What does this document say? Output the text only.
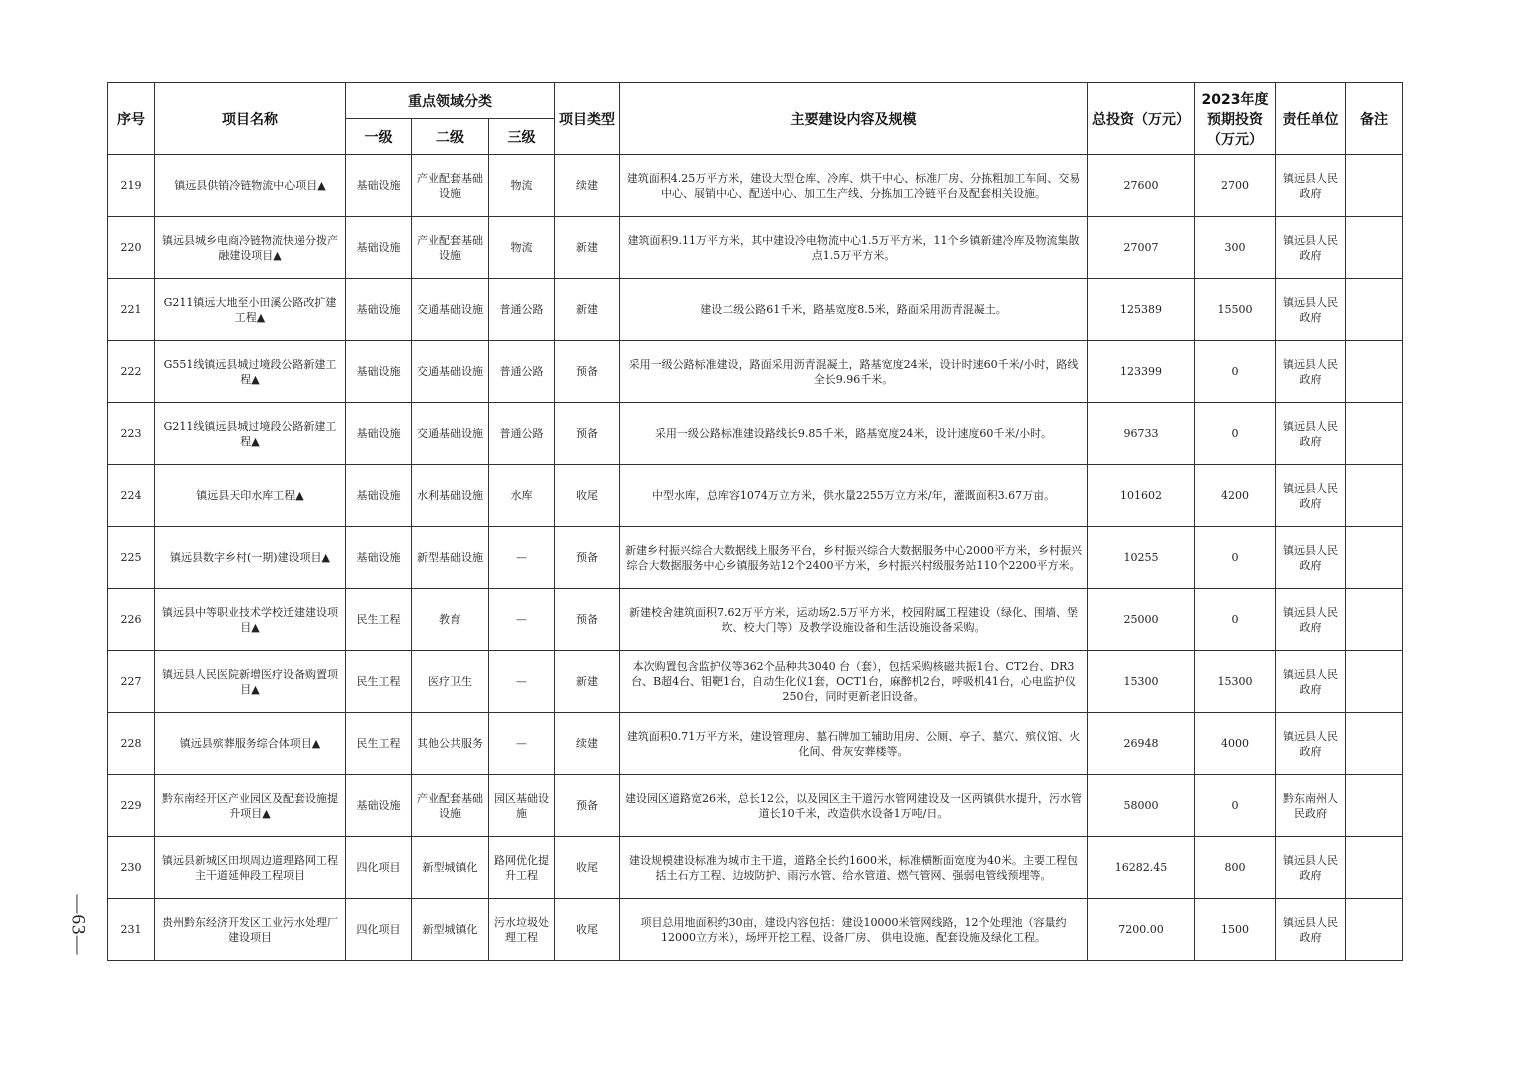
—63—
序号	项目名称	重点领域分类			项目类型	主要建设内容及规模	总投资（万元）	2023年度预期投资（万元）	责任单位	备注
		一级	二级	三级						
219	镇远县供销冷链物流中心项目▲	基础设施	产业配套基础设施	物流	续建	建筑面积4.25万平方米，建设大型仓库、冷库、烘干中心、标准厂房、分拣粗加工车间、交易中心、展销中心、配送中心、加工生产线、分拣加工冷链平台及配套相关设施。	27600	2700	镇远县人民政府	
220	镇远县城乡电商冷链物流快递分拨产融建设项目▲	基础设施	产业配套基础设施	物流	新建	建筑面积9.11万平方米，其中建设冷电物流中心1.5万平方米，11个乡镇新建冷库及物流集散点1.5万平方米。	27007	300	镇远县人民政府	
221	G211镇远大地至小田溪公路改扩建工程▲	基础设施	交通基础设施	普通公路	新建	建设二级公路61千米，路基宽度8.5米，路面采用沥青混凝土。	125389	15500	镇远县人民政府	
222	G551线镇远县城过境段公路新建工程▲	基础设施	交通基础设施	普通公路	预备	采用一级公路标准建设，路面采用沥青混凝土，路基宽度24米，设计时速60千米/小时，路线全长9.96千米。	123399	0	镇远县人民政府	
223	G211线镇远县城过境段公路新建工程▲	基础设施	交通基础设施	普通公路	预备	采用一级公路标准建设路线长9.85千米，路基宽度24米，设计速度60千米/小时。	96733	0	镇远县人民政府	
224	镇远县天印水库工程▲	基础设施	水利基础设施	水库	收尾	中型水库，总库容1074万立方米，供水量2255万立方米/年，灌溉面积3.67万亩。	101602	4200	镇远县人民政府	
225	镇远县数字乡村(一期)建设项目▲	基础设施	新型基础设施	—	预备	新建乡村振兴综合大数据线上服务平台，乡村振兴综合大数据服务中心2000平方米，乡村振兴综合大数据服务中心乡镇服务站12个2400平方米，乡村振兴村级服务站110个2200平方米。	10255	0	镇远县人民政府	
226	镇远县中等职业技术学校迁建建设项目▲	民生工程	教育	—	预备	新建校舍建筑面积7.62万平方米，运动场2.5万平方米，校园附属工程建设（绿化、围墙、堡坎、校大门等）及教学设施设备和生活设施设备采购。	25000	0	镇远县人民政府	
227	镇远县人民医院新增医疗设备购置项目▲	民生工程	医疗卫生	—	新建	本次购置包含监护仪等362个品种共3040 台（套），包括采购核磁共振1台、CT2台、DR3台、B超4台、钼靶1台，自动生化仪1套，OCT1台，麻醉机2台，呼吸机41台，心电监护仪250台，同时更新老旧设备。	15300	15300	镇远县人民政府	
228	镇远县殡葬服务综合体项目▲	民生工程	其他公共服务	—	续建	建筑面积0.71万平方米，建设管理房、墓石牌加工辅助用房、公厕、亭子、墓穴、殡仪馆、火化间、骨灰安葬楼等。	26948	4000	镇远县人民政府	
229	黔东南经开区产业园区及配套设施提升项目▲	基础设施	产业配套基础设施	园区基础设施	预备	建设园区道路宽26米，总长12公，以及园区主干道污水管网建设及一区两镇供水提升，污水管道长10千米，改造供水设备1万吨/日。	58000	0	黔东南州人民政府	
230	镇远县新城区田坝周边道理路网工程主干道延伸段工程项目	四化项目	新型城镇化	路网优化提升工程	收尾	建设规模建设标准为城市主干道，道路全长约1600米，标准横断面宽度为40米。主要工程包括土石方工程、边坡防护、雨污水管、给水管道、燃气管网、强弱电管线预埋等。	16282.45	800	镇远县人民政府	
231	贵州黔东经济开发区工业污水处理厂建设项目	四化项目	新型城镇化	污水垃圾处理工程	收尾	项目总用地面积约30亩，建设内容包括：建设10000米管网线路，12个处理池（容量约12000立方米），场坪开挖工程、设备厂房、 供电设施、配套设施及绿化工程。	7200.00	1500	镇远县人民政府	
